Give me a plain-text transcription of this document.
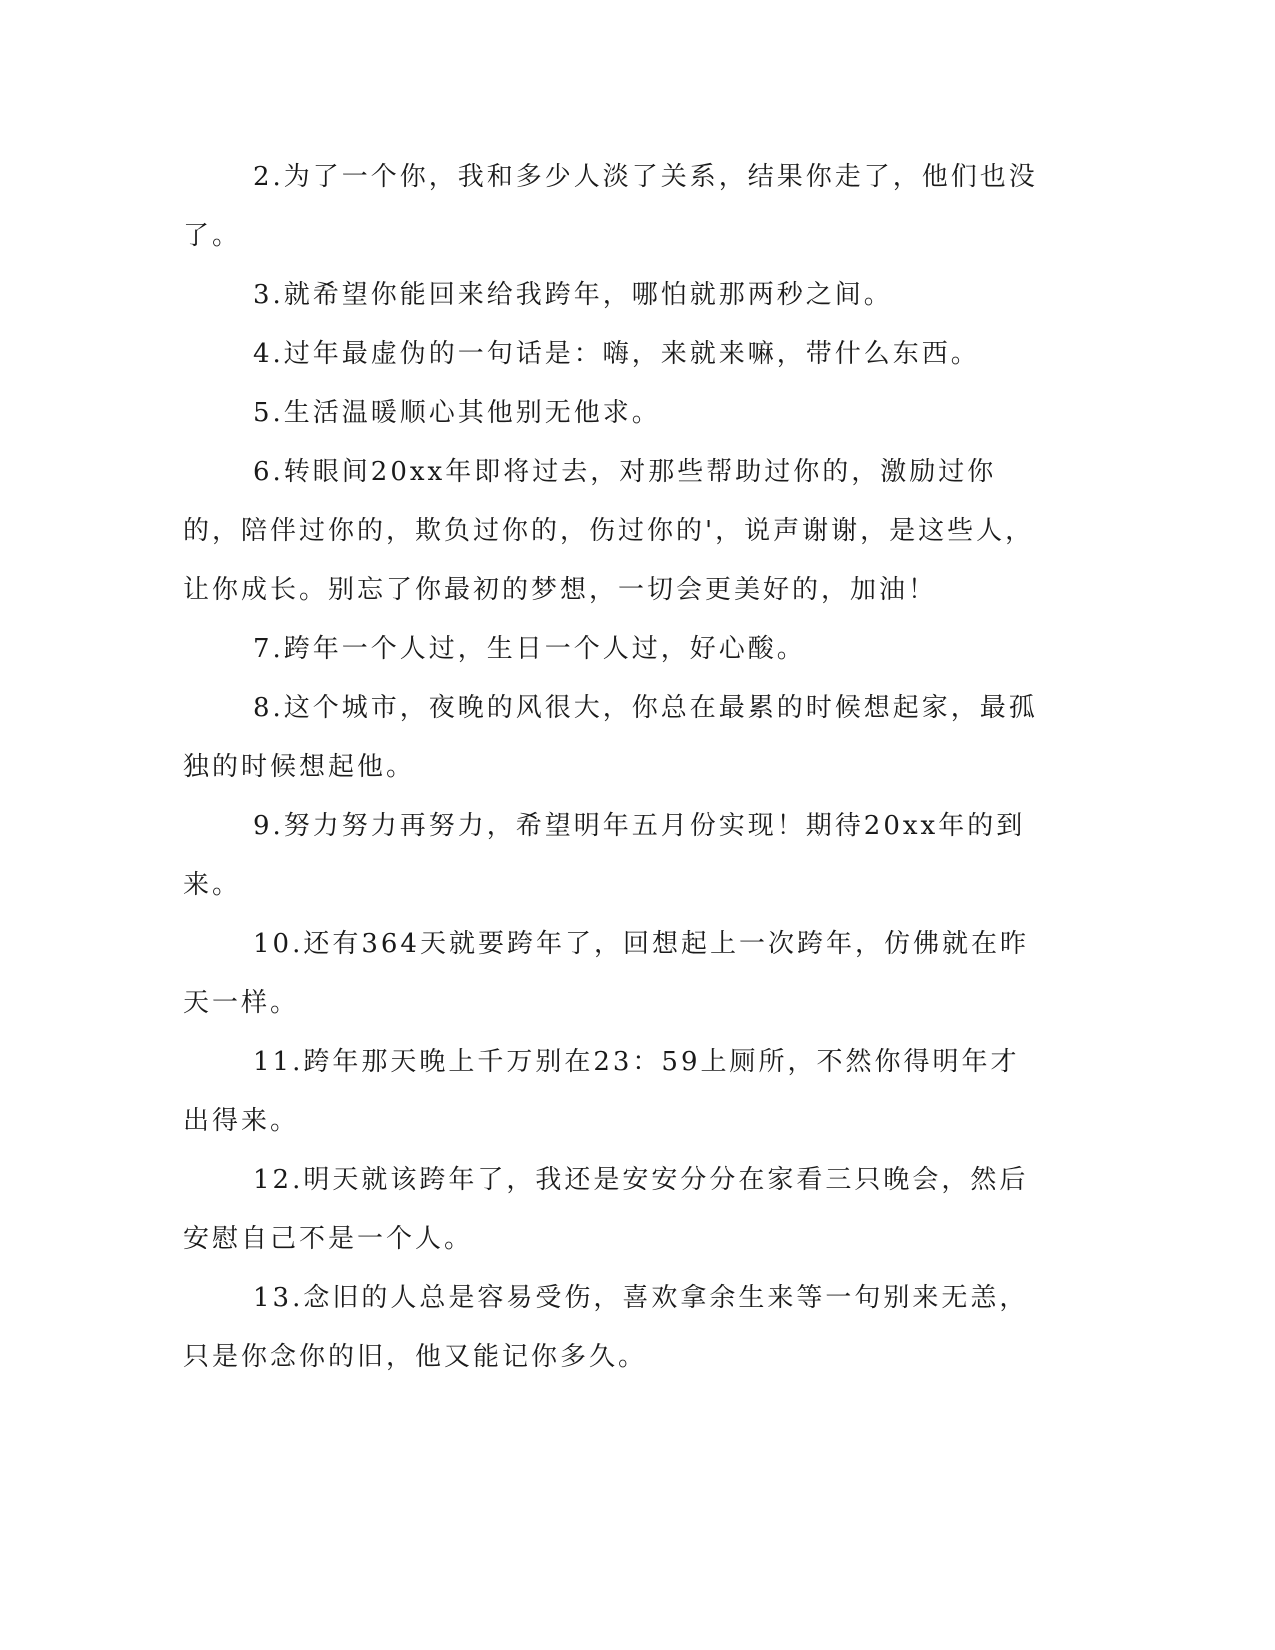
2.为了一个你，我和多少人淡了关系，结果你走了，他们也没了。

3.就希望你能回来给我跨年，哪怕就那两秒之间。

4.过年最虚伪的一句话是：嗨，来就来嘛，带什么东西。

5.生活温暖顺心其他别无他求。

6.转眼间20xx年即将过去，对那些帮助过你的，激励过你的，陪伴过你的，欺负过你的，伤过你的'，说声谢谢，是这些人，让你成长。别忘了你最初的梦想，一切会更美好的，加油！

7.跨年一个人过，生日一个人过，好心酸。

8.这个城市，夜晚的风很大，你总在最累的时候想起家，最孤独的时候想起他。

9.努力努力再努力，希望明年五月份实现！期待20xx年的到来。

10.还有364天就要跨年了，回想起上一次跨年，仿佛就在昨天一样。

11.跨年那天晚上千万别在23：59上厕所，不然你得明年才出得来。

12.明天就该跨年了，我还是安安分分在家看三只晚会，然后安慰自己不是一个人。

13.念旧的人总是容易受伤，喜欢拿余生来等一句别来无恙，只是你念你的旧，他又能记你多久。
